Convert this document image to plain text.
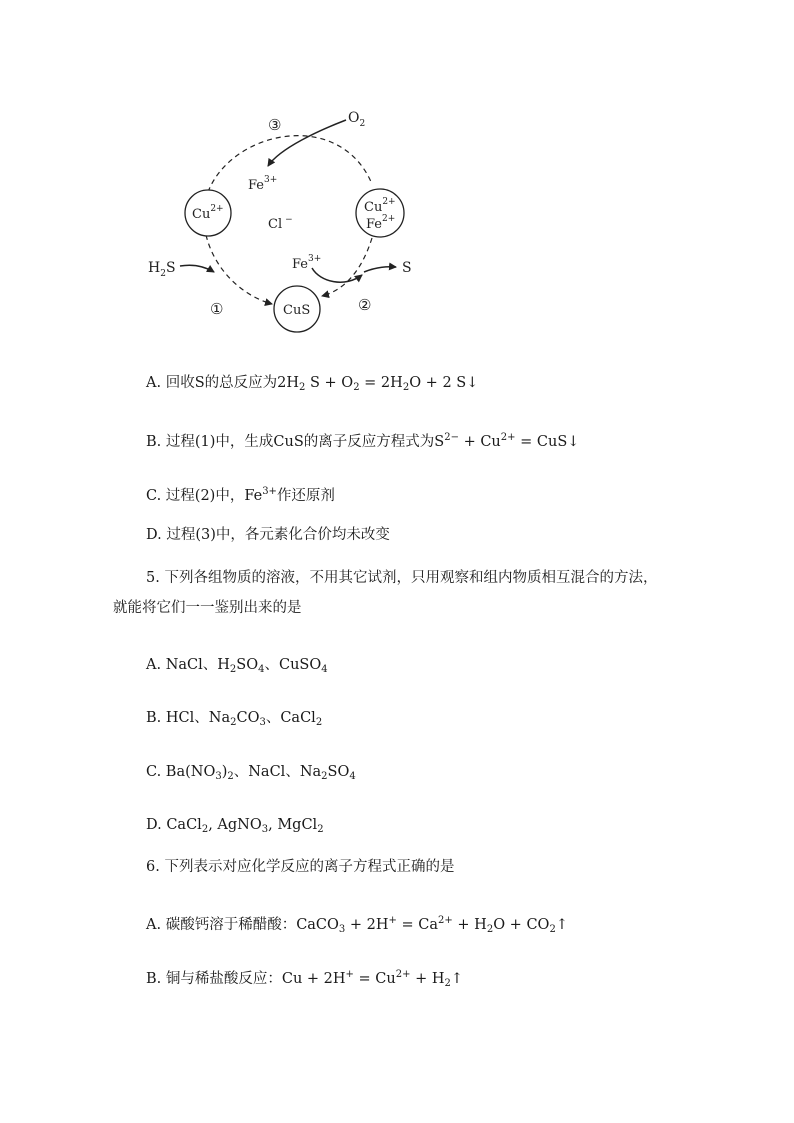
③	$O_2$
$Fe^{3+}$
$Cu^{2+}$
Cl −
$Cu^{2+}$
$Fe^{2+}$
$H_2S$	$Fe^{3+}$
S
①	CuS	②
A. 回收S的总反应为$2H_2$ $S + O_2 = 2H_2O + 2$ S↓
B. 过程(1)中，生成CuS的离子反应方程式为$S^{2-} + Cu^{2+}$ = CuS↓
C. 过程(2)中，$Fe^{3+}$作还原剂
D. 过程(3)中，各元素化合价均未改变
5. 下列各组物质的溶液，不用其它试剂，只用观察和组内物质相互混合的方法，
就能将它们一一鉴别出来的是
A. NaCl、$H_2SO_4$、CuSO$_4$
B. HCl、$Na_2CO_3$、CaCl$_2$
C. $Ba(NO_3)_2$、NaCl、$Na_2SO_4$
D. CaCl$_2$, AgNO$_3$, MgCl$_2$
6. 下列表示对应化学反应的离子方程式正确的是
A. 碳酸钙溶于稀醋酸：CaCO$_3$ + $2H^+ = Ca^{2+} + H_2O$ + $CO_2↑$
B. 铜与稀盐酸反应：$Cu + 2H^+ = Cu^{2+}$ + $H_2↑$
